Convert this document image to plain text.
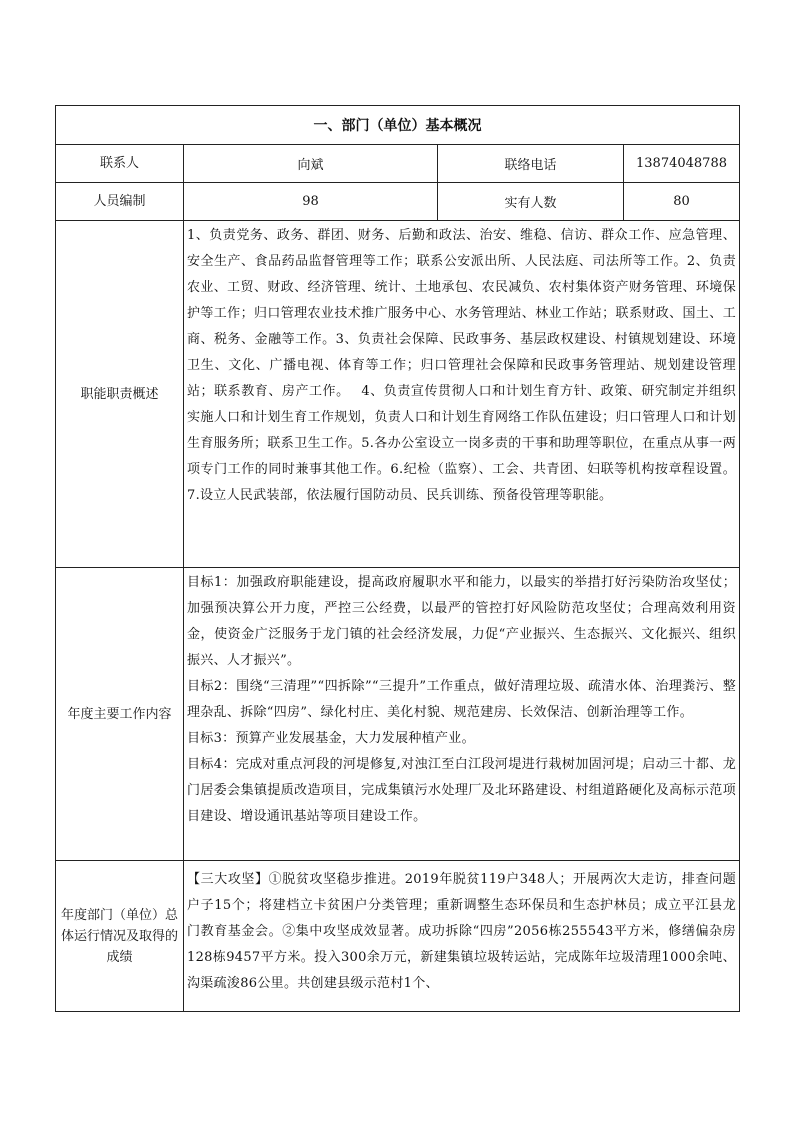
一、部门（单位）基本概况			
联系人	向斌	联络电话	13874048788
人员编制	98	实有人数	80
职能职责概述	1、负责党务、政务、群团、财务、后勤和政法、治安、维稳、信访、群众工作、应急管理、安全生产、食品药品监督管理等工作；联系公安派出所、人民法庭、司法所等工作。2、负责农业、工贸、财政、经济管理、统计、土地承包、农民减负、农村集体资产财务管理、环境保护等工作；归口管理农业技术推广服务中心、水务管理站、林业工作站；联系财政、国土、工商、税务、金融等工作。3、负责社会保障、民政事务、基层政权建设、村镇规划建设、环境卫生、文化、广播电视、体育等工作；归口管理社会保障和民政事务管理站、规划建设管理站；联系教育、房产工作。　 4、负责宣传贯彻人口和计划生育方针、政策、研究制定并组织实施人口和计划生育工作规划，负责人口和计划生育网络工作队伍建设；归口管理人口和计划生育服务所；联系卫生工作。5.各办公室设立一岗多责的干事和助理等职位，在重点从事一两项专门工作的同时兼事其他工作。6.纪检（监察）、工会、共青团、妇联等机构按章程设置。7.设立人民武装部，依法履行国防动员、民兵训练、预备役管理等职能。		
年度主要工作内容	目标1：加强政府职能建设，提高政府履职水平和能力，以最实的举措打好污染防治攻坚仗；加强预决算公开力度，严控三公经费，以最严的管控打好风险防范攻坚仗；合理高效利用资金，使资金广泛服务于龙门镇的社会经济发展，力促“产业振兴、生态振兴、文化振兴、组织振兴、人才振兴”。
目标2：围绕“三清理”“四拆除”“三提升”工作重点，做好清理垃圾、疏清水体、治理粪污、整理杂乱、拆除“四房”、绿化村庄、美化村貌、规范建房、长效保洁、创新治理等工作。
目标3：预算产业发展基金，大力发展种植产业。
目标4：完成对重点河段的河堤修复,对浊江至白江段河堤进行栽树加固河堤；启动三十都、龙门居委会集镇提质改造项目，完成集镇污水处理厂及北环路建设、村组道路硬化及高标示范项目建设、增设通讯基站等项目建设工作。		

年度部门（单位）总体运行情况及取得的成绩	【三大攻坚】①脱贫攻坚稳步推进。2019年脱贫119户348人；开展两次大走访，排查问题户子15个；将建档立卡贫困户分类管理；重新调整生态环保员和生态护林员；成立平江县龙门教育基金会。②集中攻坚成效显著。成功拆除“四房”2056栋255543平方米，修缮偏杂房128栋9457平方米。投入300余万元，新建集镇垃圾转运站，完成陈年垃圾清理1000余吨、沟渠疏浚86公里。共创建县级示范村1个、		
